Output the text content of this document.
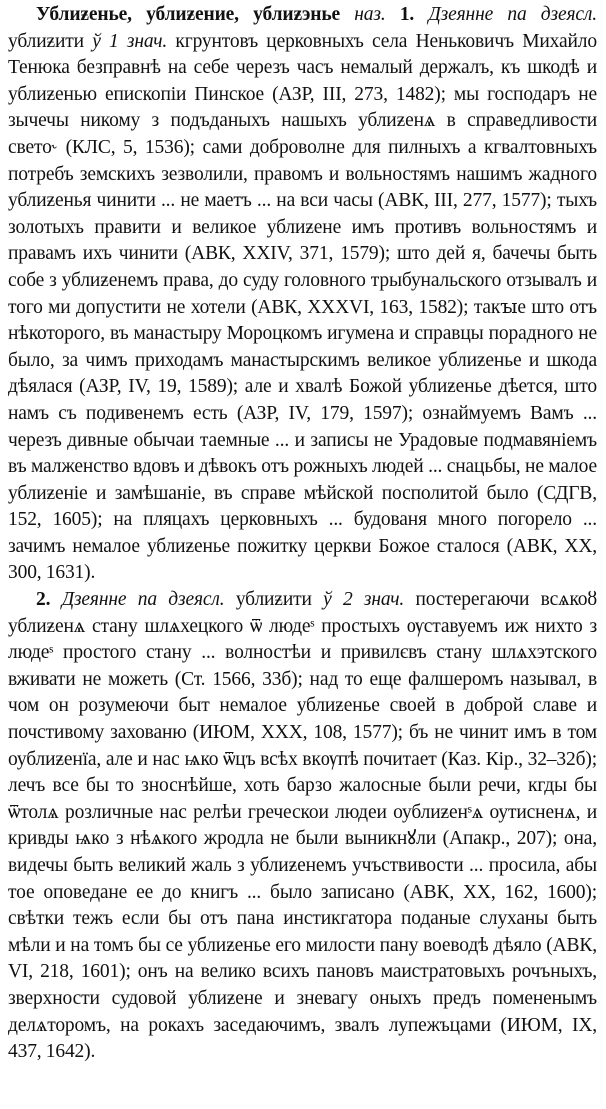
Ублиƶенье, ублиƶение, ублиƶэнье наз. 1. Дзеянне па дзеясл. ублиƶити ў 1 знач. кгрунтовъ церковныхъ села Неньковичъ Михайло Тенюка безправнѣ на себе черезъ часъ немалый держалъ, къ шкодѣ и ублиƶенью епископіи Пинское (АЗР, III, 273, 1482); мы господаръ не зычечы никому з подъданыхъ нашыхъ ублиƶенѧ в справедливости свето˞ (КЛС, 5, 1536); сами доброволне для пилныхъ а кгвалтовныхъ потребъ земскихъ зезволили, правомъ и вольностямъ нашимъ жадного ублиƶенья чинити ... не маетъ ... на вси часы (АВК, III, 277, 1577); тыхъ золотыхъ правити и великое ублиƶене имъ противъ вольностямъ и правамъ ихъ чинити (АВК, XXIV, 371, 1579); што дей я, бачечы быть собе з ублиƶенемъ права, до суду головного трыбунальского отзывалъ и того ми допустити не хотели (АВК, XXXVI, 163, 1582); такꙑе што отъ нѣкоторого, въ манастыру Мороцкомъ игумена и справцы порадного не было, за чимъ приходамъ манастырскимъ великое ублиƶенье и шкода дѣялася (АЗР, IV, 19, 1589); але и хвалѣ Божой ублиƶенье дѣется, што намъ съ подивенемъ есть (АЗР, IV, 179, 1597); ознаймуемъ Вамъ ... черезъ дивные обычаи таемные ... и записы не Урадовые подмавяніемъ въ малженство вдовъ и дѣвокъ отъ рожныхъ людей ... снацьбы, не малое ублиƶеніе и замѣшаніе, въ справе мѣйской посполитой было (СДГВ, 152, 1605); на пляцахъ церковныхъ ... будованя много погорело ... зачимъ немалое ублиƶенье пожитку церкви Божое сталося (АВК, XX, 300, 1631).

2. Дзеянне па дзеясл. ублиƶити ў 2 знач. постерегаючи всѧкоȣ ублиƶенѧ стану шлѧхецкого ѿ людеˢ простыхъ ѹставуемъ иж нихто з людеˢ простого стану ... волностѣи и привилєвъ стану шлѧхэтского вживати не можеть (Ст. 1566, 33б); над то еще фалшеромъ называл, в чом он розумеючи быт немалое ублиƶенье своей в доброй славе и почстивому захованю (ИЮМ, XXX, 108, 1577); бъ не чинит имъ в том оублиƶенїа, але и нас ѩко ѿцъ всѣх вкѹпѣ почитает (Каз. Кір., 32–32б); лечъ все бы то зноснѣйше, хоть барзо жалосные были речи, кгды бы ѿтолѧ розличные нас релѣи греческои людеи оублиƶенˢѧ оутисненѧ, и кривды ѩко з нѣѧкого жродла не были выникнꙋли (Апакр., 207); она, видечы быть великий жаль з ублиƶенемъ учъствивости ... просила, абы тое оповедане ее до книгъ ... было записано (АВК, XX, 162, 1600); свѣтки тежъ если бы отъ пана инстикгатора поданые слуханы быть мѣли и на томъ бы се ублиƶенье его милости пану воеводѣ дѣяло (АВК, VI, 218, 1601); онъ на велико всихъ пановъ маистратовыхъ рочъныхъ, зверхности судовой ублиƶене и зневагу оныхъ предъ помененымъ делѧторомъ, на рокахъ заседаючимъ, звалъ лупежъцами (ИЮМ, IX, 437, 1642).
